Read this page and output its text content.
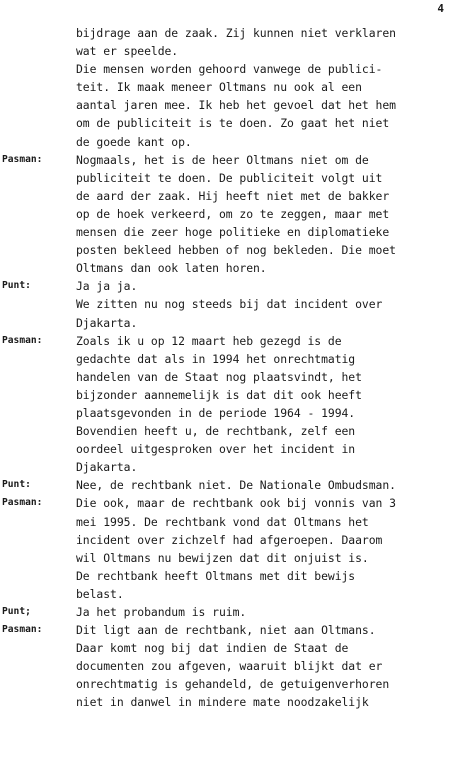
4
bijdrage aan de zaak. Zij kunnen niet verklaren
wat er speelde.
Die mensen worden gehoord vanwege de publici-
teit. Ik maak meneer Oltmans nu ook al een
aantal jaren mee. Ik heb het gevoel dat het hem
om de publiciteit is te doen. Zo gaat het niet
de goede kant op.
Pasman:	Nogmaals, het is de heer Oltmans niet om de
publiciteit te doen. De publiciteit volgt uit
de aard der zaak. Hij heeft niet met de bakker
op de hoek verkeerd, om zo te zeggen, maar met
mensen die zeer hoge politieke en diplomatieke
posten bekleed hebben of nog bekleden. Die moet
Oltmans dan ook laten horen.
Punt:	Ja ja ja.
We zitten nu nog steeds bij dat incident over
Djakarta.
Pasman:	Zoals ik u op 12 maart heb gezegd is de
gedachte dat als in 1994 het onrechtmatig
handelen van de Staat nog plaatsvindt, het
bijzonder aannemelijk is dat dit ook heeft
plaatsgevonden in de periode 1964 - 1994.
Bovendien heeft u, de rechtbank, zelf een
oordeel uitgesproken over het incident in
Djakarta.
Punt:	Nee, de rechtbank niet. De Nationale Ombudsman.
Pasman:	Die ook, maar de rechtbank ook bij vonnis van 3
mei 1995. De rechtbank vond dat Oltmans het
incident over zichzelf had afgeroepen. Daarom
wil Oltmans nu bewijzen dat dit onjuist is.
De rechtbank heeft Oltmans met dit bewijs
belast.
Punt;	Ja het probandum is ruim.
Pasman:	Dit ligt aan de rechtbank, niet aan Oltmans.
Daar komt nog bij dat indien de Staat de
documenten zou afgeven, waaruit blijkt dat er
onrechtmatig is gehandeld, de getuigenverhoren
niet in danwel in mindere mate noodzakelijk
